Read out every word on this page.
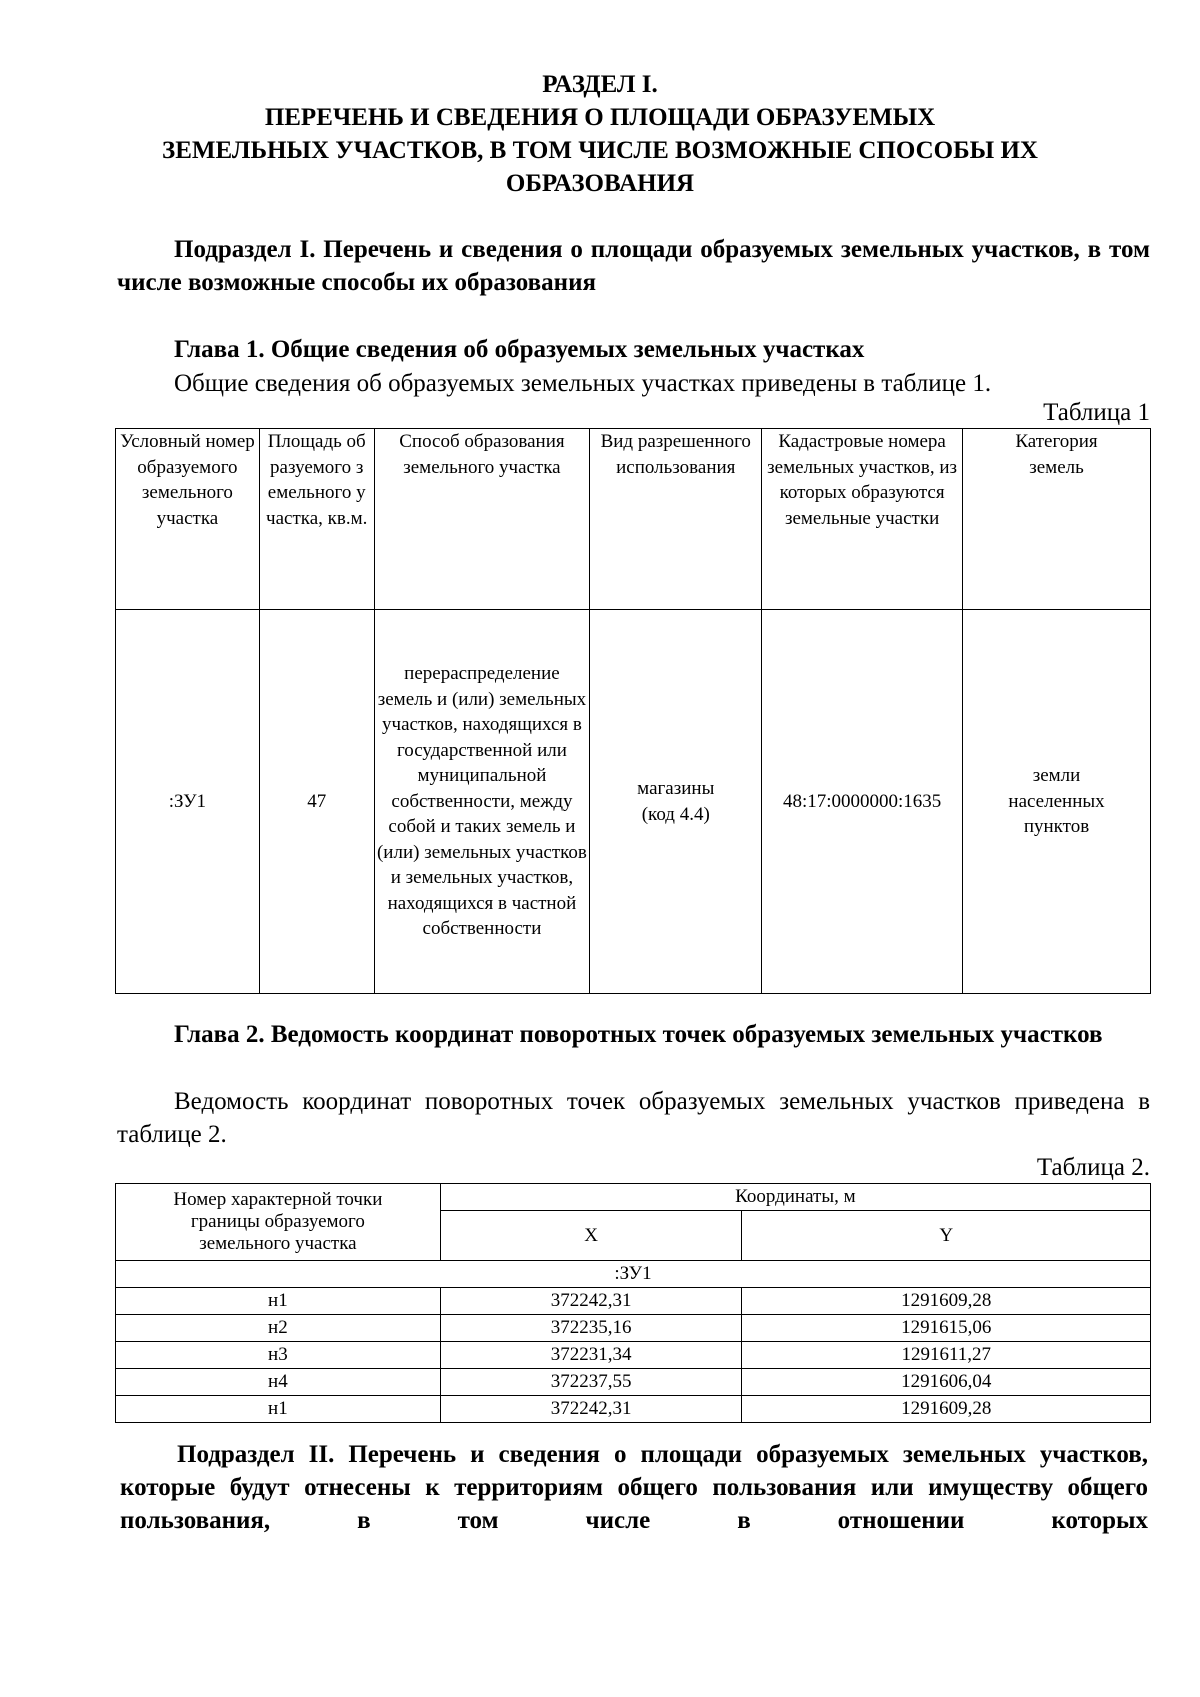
РАЗДЕЛ I.
ПЕРЕЧЕНЬ И СВЕДЕНИЯ О ПЛОЩАДИ ОБРАЗУЕМЫХ
ЗЕМЕЛЬНЫХ УЧАСТКОВ, В ТОМ ЧИСЛЕ ВОЗМОЖНЫЕ СПОСОБЫ ИХ
ОБРАЗОВАНИЯ
Подраздел I. Перечень и сведения о площади образуемых земельных участков, в том числе возможные способы их образования
Глава 1. Общие сведения об образуемых земельных участках
Общие сведения об образуемых земельных участках приведены в таблице 1.
Таблица 1
Условный номер образуемого земельного участка	Площадь образуемого земельного участка, кв.м.	Способ образования земельного участка	Вид разрешенного использования	Кадастровые номера земельных участков, из которых образуются земельные участки	Категория земель
:ЗУ1	47	перераспределение земель и (или) земельных участков, находящихся в государственной или муниципальной собственности, между собой и таких земель и (или) земельных участков и земельных участков, находящихся в частной собственности	магазины (код 4.4)	48:17:0000000:1635	земли населенных пунктов
Глава 2. Ведомость координат поворотных точек образуемых земельных участков
Ведомость координат поворотных точек образуемых земельных участков приведена в таблице 2.
Таблица 2.
Номер характерной точки границы образуемого земельного участка	Координаты, м	
	X	Y
:ЗУ1		
н1	372242,31	1291609,28
н2	372235,16	1291615,06
н3	372231,34	1291611,27
н4	372237,55	1291606,04
н1	372242,31	1291609,28
Подраздел II. Перечень и сведения о площади образуемых земельных участков, которые будут отнесены к территориям общего пользования или имуществу общего пользования, в том числе в отношении которых
